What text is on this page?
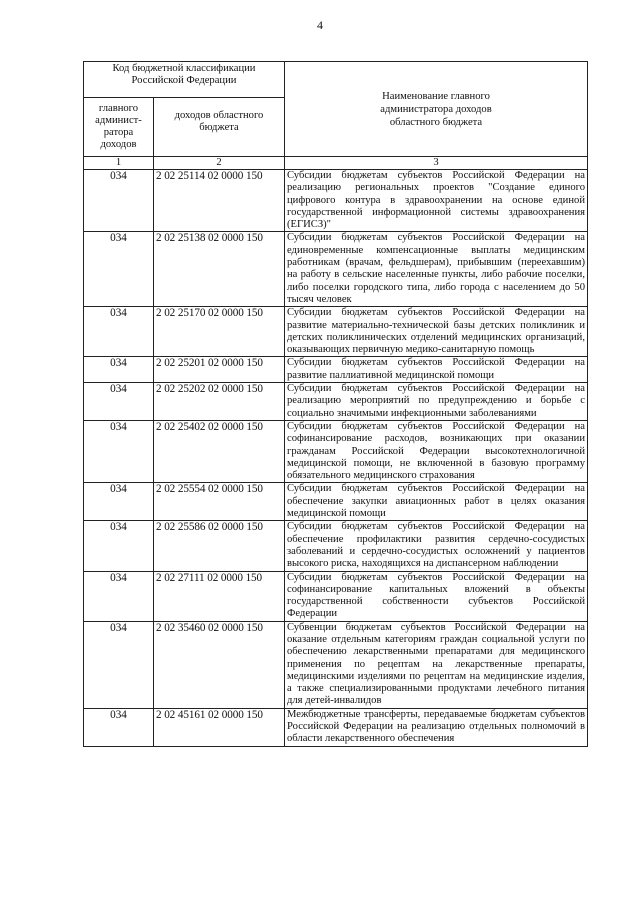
4
Код бюджетной классификации Российской Федерации		Наименование главного администратора доходов областного бюджета

главного админист-ратора доходов	доходов областного бюджета	

1	2	3
034	2 02 25114 02 0000 150	Субсидии бюджетам субъектов Российской Федерации на реализацию региональных проектов "Создание единого цифрового контура в здравоохранении на основе единой государственной информационной системы здравоохранения (ЕГИСЗ)"
034	2 02 25138 02 0000 150	Субсидии бюджетам субъектов Российской Федерации на единовременные компенсационные выплаты медицинским работникам (врачам, фельдшерам), прибывшим (переехавшим) на работу в сельские населенные пункты, либо рабочие поселки, либо поселки городского типа, либо города с населением до 50 тысяч человек
034	2 02 25170 02 0000 150	Субсидии бюджетам субъектов Российской Федерации на развитие материально-технической базы детских поликлиник и детских поликлинических отделений медицинских организаций, оказывающих первичную медико-санитарную помощь
034	2 02 25201 02 0000 150	Субсидии бюджетам субъектов Российской Федерации на развитие паллиативной медицинской помощи
034	2 02 25202 02 0000 150	Субсидии бюджетам субъектов Российской Федерации на реализацию мероприятий по предупреждению и борьбе с социально значимыми инфекционными заболеваниями
034	2 02 25402 02 0000 150	Субсидии бюджетам субъектов Российской Федерации на софинансирование расходов, возникающих при оказании гражданам Российской Федерации высокотехнологичной медицинской помощи, не включенной в базовую программу обязательного медицинского страхования
034	2 02 25554 02 0000 150	Субсидии бюджетам субъектов Российской Федерации на обеспечение закупки авиационных работ в целях оказания медицинской помощи
034	2 02 25586 02 0000 150	Субсидии бюджетам субъектов Российской Федерации на обеспечение профилактики развития сердечно-сосудистых заболеваний и сердечно-сосудистых осложнений у пациентов высокого риска, находящихся на диспансерном наблюдении
034	2 02 27111 02 0000 150	Субсидии бюджетам субъектов Российской Федерации на софинансирование капитальных вложений в объекты государственной собственности субъектов Российской Федерации
034	2 02 35460 02 0000 150	Субвенции бюджетам субъектов Российской Федерации на оказание отдельным категориям граждан социальной услуги по обеспечению лекарственными препаратами для медицинского применения по рецептам на лекарственные препараты, медицинскими изделиями по рецептам на медицинские изделия, а также специализированными продуктами лечебного питания для детей-инвалидов
034	2 02 45161 02 0000 150	Межбюджетные трансферты, передаваемые бюджетам субъектов Российской Федерации на реализацию отдельных полномочий в области лекарственного обеспечения
